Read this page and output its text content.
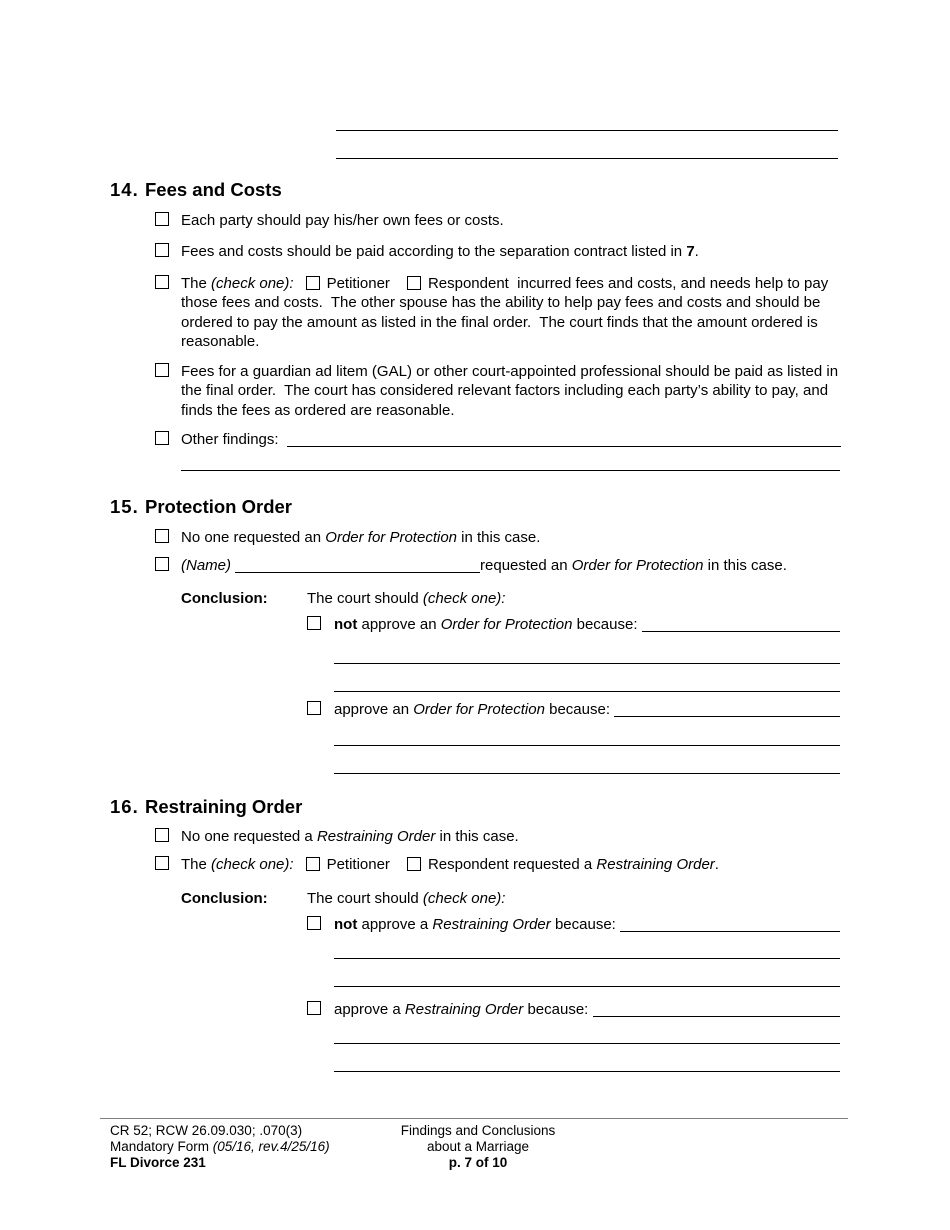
14. Fees and Costs
Each party should pay his/her own fees or costs.
Fees and costs should be paid according to the separation contract listed in 7.
The (check one): Petitioner	Respondent  incurred fees and costs, and needs help to pay those fees and costs.  The other spouse has the ability to help pay fees and costs and should be ordered to pay the amount as listed in the final order.  The court finds that the amount ordered is reasonable.
Fees for a guardian ad litem (GAL) or other court-appointed professional should be paid as listed in the final order.  The court has considered relevant factors including each party’s ability to pay, and finds the fees as ordered are reasonable.
Other findings:
15. Protection Order
No one requested an Order for Protection in this case.
(Name)	requested an Order for Protection in this case.
Conclusion:	The court should (check one):
not approve an Order for Protection because:
approve an Order for Protection because:
16. Restraining Order
No one requested a Restraining Order in this case.
The (check one): Petitioner	Respondent requested a Restraining Order.
Conclusion:	The court should (check one):
not approve a Restraining Order because:
approve a Restraining Order because:
CR 52; RCW 26.09.030; .070(3)
Mandatory Form (05/16, rev.4/25/16)
FL Divorce 231
Findings and Conclusions
about a Marriage
p. 7 of 10
